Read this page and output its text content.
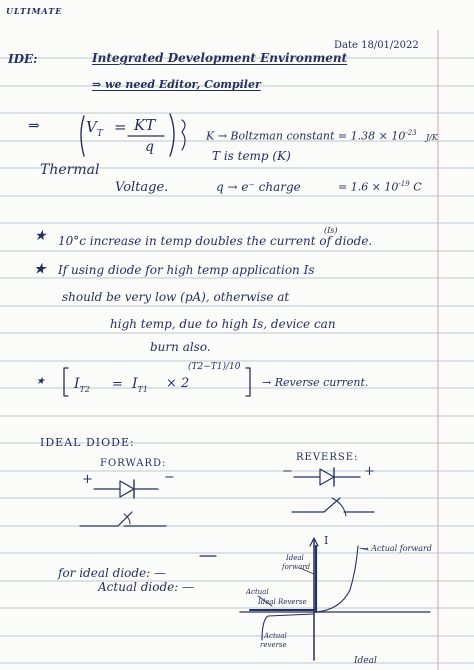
ULTIMATE
Date 18/01/2022
IDE:	Integrated Development Environment
⇒ we need Editor, Compiler
⇒	$V_T$ = KT
q
K → Boltzman constant = $1.38 \times 10^{-23}$ J/K
T is temp (K)
Thermal
Voltage.	q → e⁻ charge	= $1.6 \times 10^{-19}$ C
★	(Is)
10°c increase in temp doubles the current of diode.
★ If using diode for high temp application Is
should be very low (pA), otherwise at
high temp, due to high Is, device can
burn also.
★ $I_{T2} = I_{T1} \times 2$
(T2−T1)/10
→ Reverse current.
IDEAL DIODE:
FORWARD:
REVERSE:
+	−	−	+
for ideal diode: —
Actual diode: —
I
→ Actual forward
Ideal
forward
Actual
Ideal Reverse
Actual
reverse
Ideal
